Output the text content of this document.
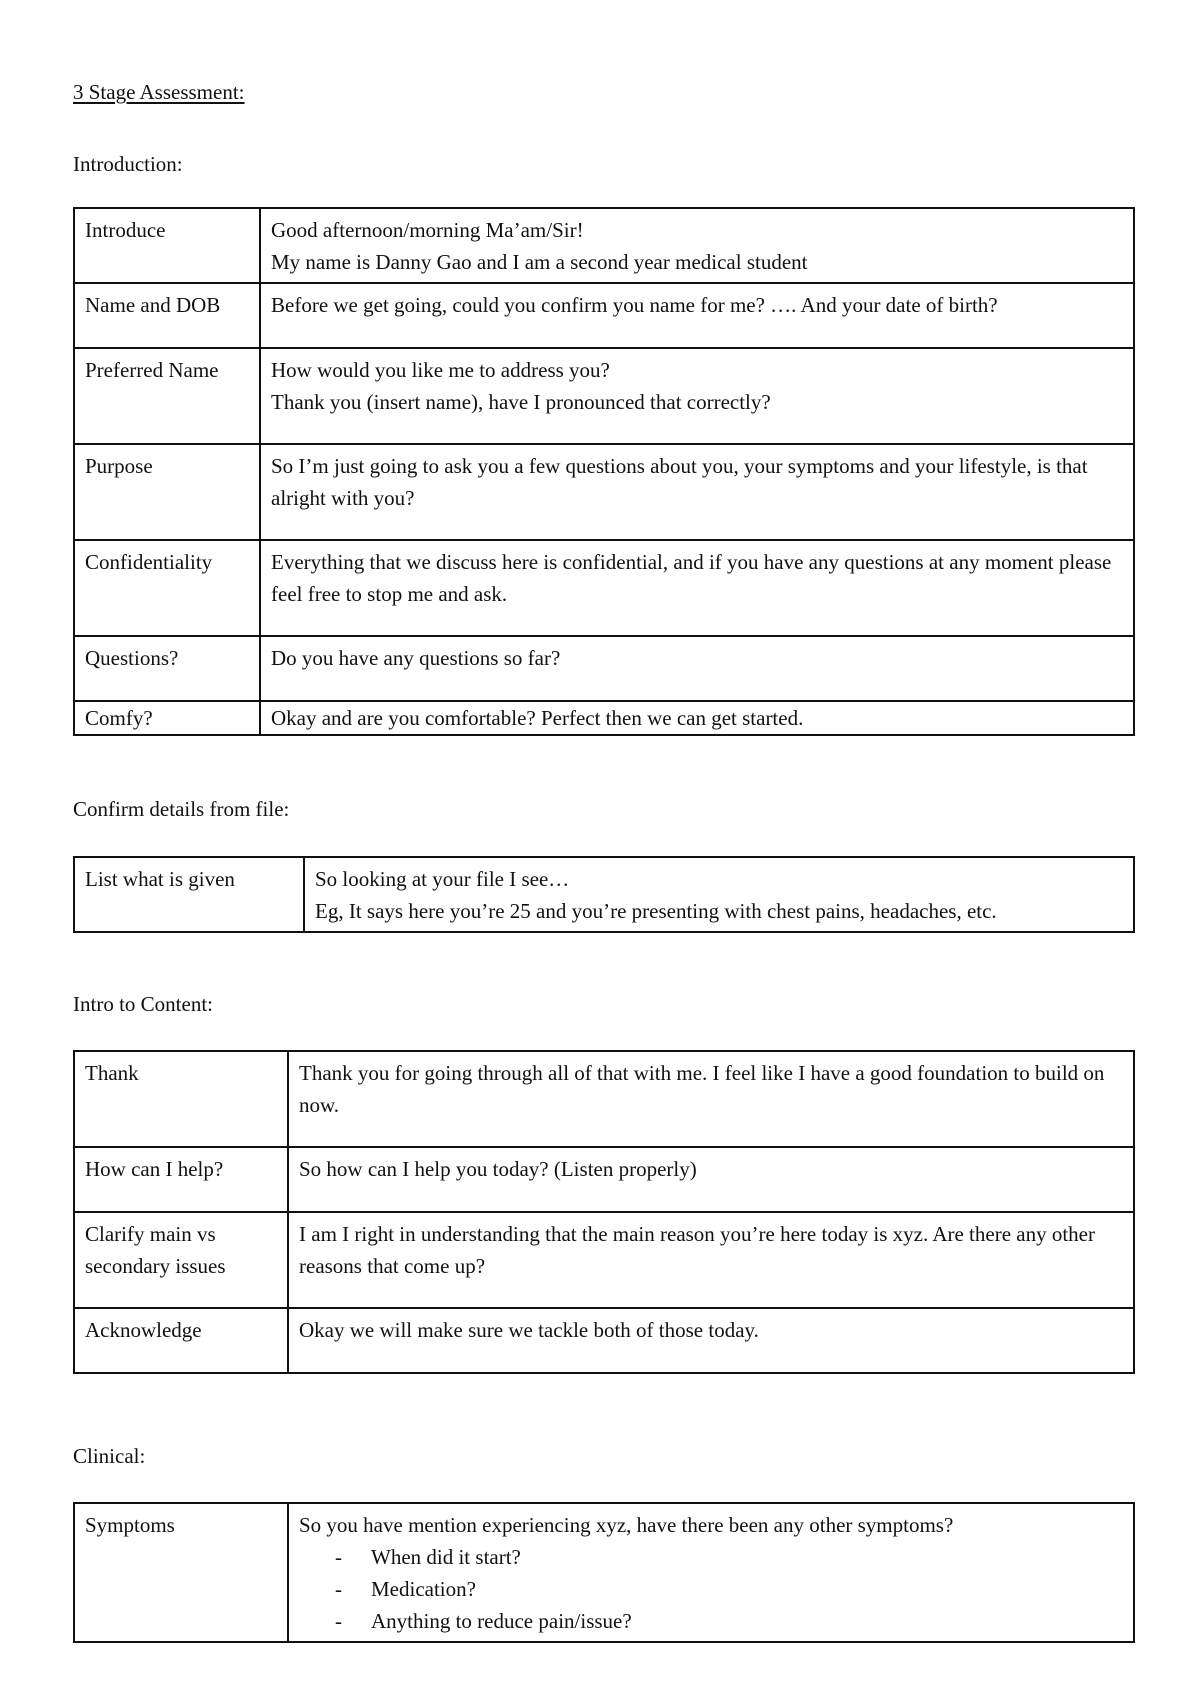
3 Stage Assessment:
Introduction:
Introduce	Good afternoon/morning Ma’am/Sir!

My name is Danny Gao and I am a second year medical student

Name and DOB	Before we get going, could you confirm you name for me? …. And your date of birth?

Preferred Name	How would you like me to address you?

Thank you (insert name), have I pronounced that correctly?

Purpose	So I’m just going to ask you a few questions about you, your symptoms and your lifestyle, is that alright with you?

Confidentiality	Everything that we discuss here is confidential, and if you have any questions at any moment please feel free to stop me and ask.

Questions?	Do you have any questions so far?

Comfy?	Okay and are you comfortable? Perfect then we can get started.

Confirm details from file:
List what is given	So looking at your file I see…

Eg, It says here you’re 25 and you’re presenting with chest pains, headaches, etc.

Intro to Content:
Thank	Thank you for going through all of that with me. I feel like I have a good foundation to build on now.

How can I help?	So how can I help you today? (Listen properly)

Clarify main vs secondary issues	I am I right in understanding that the main reason you’re here today is xyz. Are there any other reasons that come up?

Acknowledge	Okay we will make sure we tackle both of those today.

Clinical:
Symptoms	So you have mention experiencing xyz, have there been any other symptoms?

- When did it start?
- Medication?
- Anything to reduce pain/issue?
